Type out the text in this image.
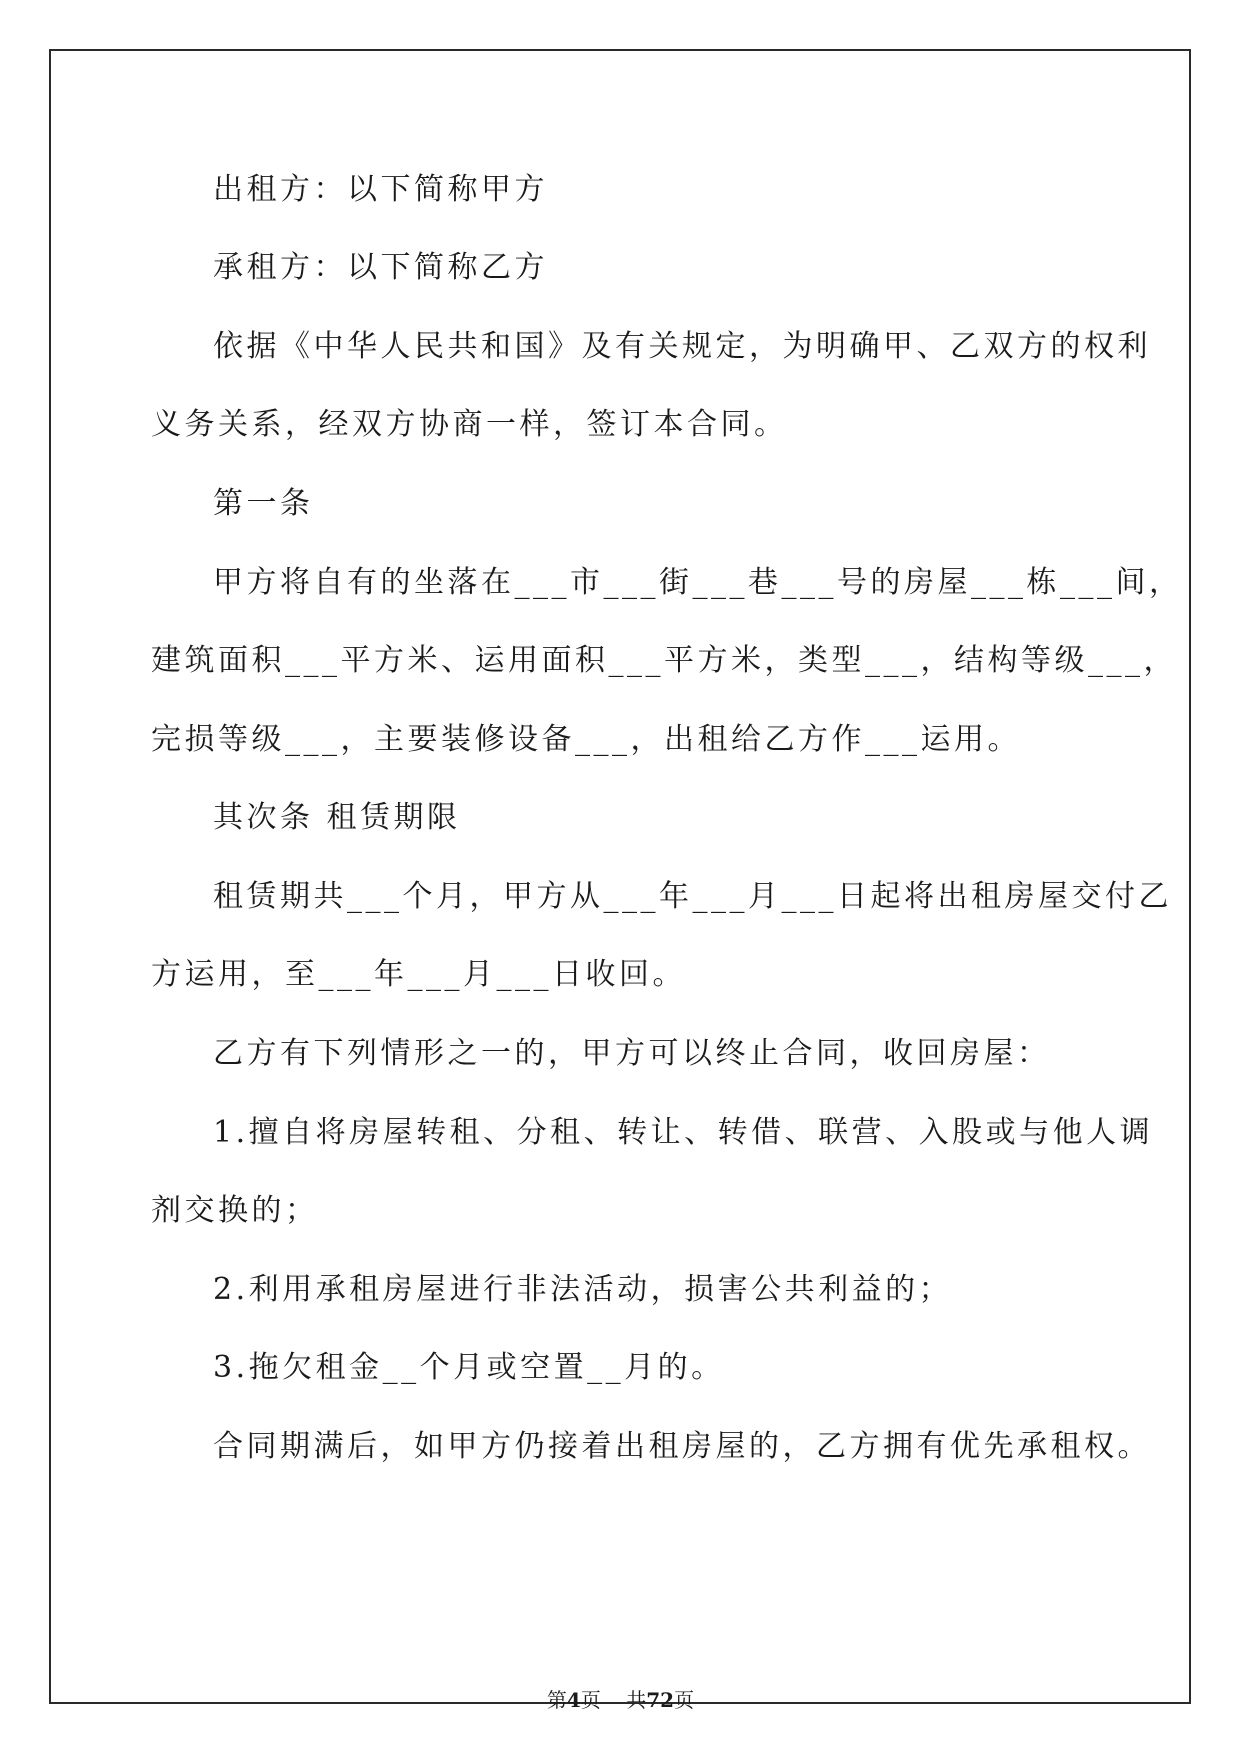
出租方：以下简称甲方
承租方：以下简称乙方
依据《中华人民共和国》及有关规定，为明确甲、乙双方的权利
义务关系，经双方协商一样，签订本合同。
第一条
甲方将自有的坐落在___市___街___巷___号的房屋___栋___间，
建筑面积___平方米、运用面积___平方米，类型___，结构等级___，
完损等级___，主要装修设备___，出租给乙方作___运用。
其次条 租赁期限
租赁期共___个月，甲方从___年___月___日起将出租房屋交付乙
方运用，至___年___月___日收回。
乙方有下列情形之一的，甲方可以终止合同，收回房屋：
1.擅自将房屋转租、分租、转让、转借、联营、入股或与他人调
剂交换的；
2.利用承租房屋进行非法活动，损害公共利益的；
3.拖欠租金__个月或空置__月的。
合同期满后，如甲方仍接着出租房屋的，乙方拥有优先承租权。
第4页 共72页
